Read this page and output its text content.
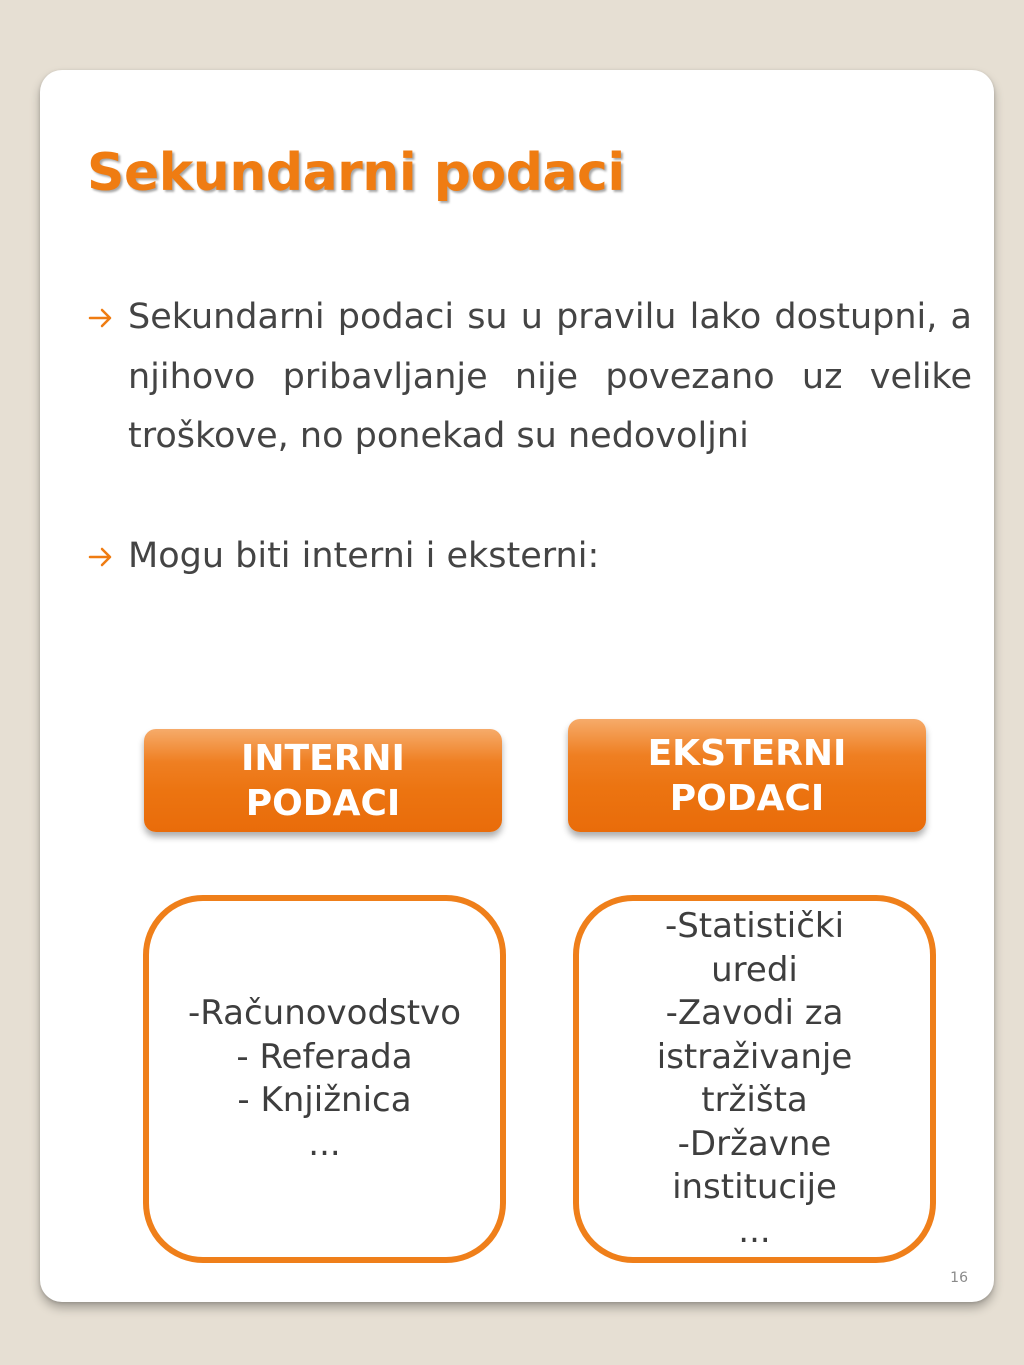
Sekundarni podaci
Sekundarni podaci su u pravilu lako dostupni, a njihovo pribavljanje nije povezano uz velike troškove, no ponekad su nedovoljni
Mogu biti interni i eksterni:
INTERNI
PODACI
EKSTERNI
PODACI
-Računovodstvo
- Referada
- Knjižnica
...
-Statistički
uredi
-Zavodi za
istraživanje
tržišta
-Državne
institucije
...
16
